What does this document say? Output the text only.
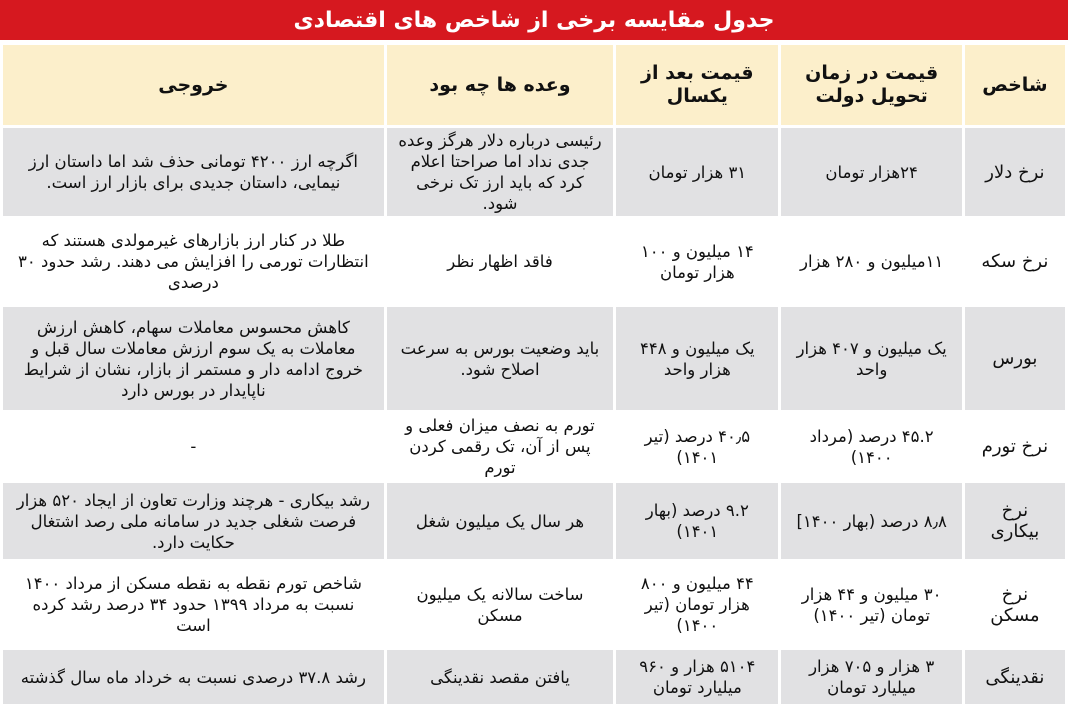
جدول مقایسه برخی از شاخص های اقتصادی
شاخص	قیمت در زمان تحویل دولت	قیمت بعد از یکسال	وعده ها چه بود	خروجی
نرخ دلار	۲۴هزار تومان	۳۱ هزار تومان	رئیسی درباره دلار هرگز وعده جدی نداد اما صراحتا اعلام کرد که باید ارز تک نرخی شود.	اگرچه ارز ۴۲۰۰ تومانی حذف شد اما داستان ارز نیمایی، داستان جدیدی برای بازار ارز است.
نرخ سکه	۱۱میلیون و ۲۸۰ هزار	۱۴ میلیون و ۱۰۰ هزار تومان	فاقد اظهار نظر	طلا در کنار ارز بازارهای غیرمولدی هستند که انتظارات تورمی را افزایش می دهند. رشد حدود ۳۰ درصدی
بورس	یک میلیون و ۴۰۷ هزار واحد	یک میلیون و ۴۴۸ هزار واحد	باید وضعیت بورس به سرعت اصلاح شود.	کاهش محسوس معاملات سهام، کاهش ارزش معاملات به یک سوم ارزش معاملات سال قبل و خروج ادامه دار و مستمر از بازار، نشان از شرایط ناپایدار در بورس دارد
نرخ تورم	۴۵.۲ درصد (مرداد ۱۴۰۰)	۴۰٫۵ درصد (تیر ۱۴۰۱)	تورم به نصف میزان فعلی و پس از آن، تک رقمی کردن تورم	-
نرخ بیکاری	۸٫۸ درصد (بهار ۱۴۰۰]	۹.۲ درصد (بهار ۱۴۰۱)	هر سال یک میلیون شغل	رشد بیکاری - هرچند وزارت تعاون از ایجاد ۵۲۰ هزار فرصت شغلی جدید در سامانه ملی رصد اشتغال حکایت دارد.
نرخ مسکن	۳۰ میلیون و ۴۴ هزار تومان (تیر ۱۴۰۰)	۴۴ میلیون و ۸۰۰ هزار تومان (تیر ۱۴۰۰)	ساخت سالانه یک میلیون مسکن	شاخص تورم نقطه به نقطه مسکن از مرداد ۱۴۰۰ نسبت به مرداد ۱۳۹۹ حدود ۳۴ درصد رشد کرده است
نقدینگی	۳ هزار و ۷۰۵ هزار میلیارد تومان	۵۱۰۴ هزار و ۹۶۰ میلیارد تومان	یافتن مقصد نقدینگی	رشد ۳۷.۸ درصدی نسبت به خرداد ماه سال گذشته
